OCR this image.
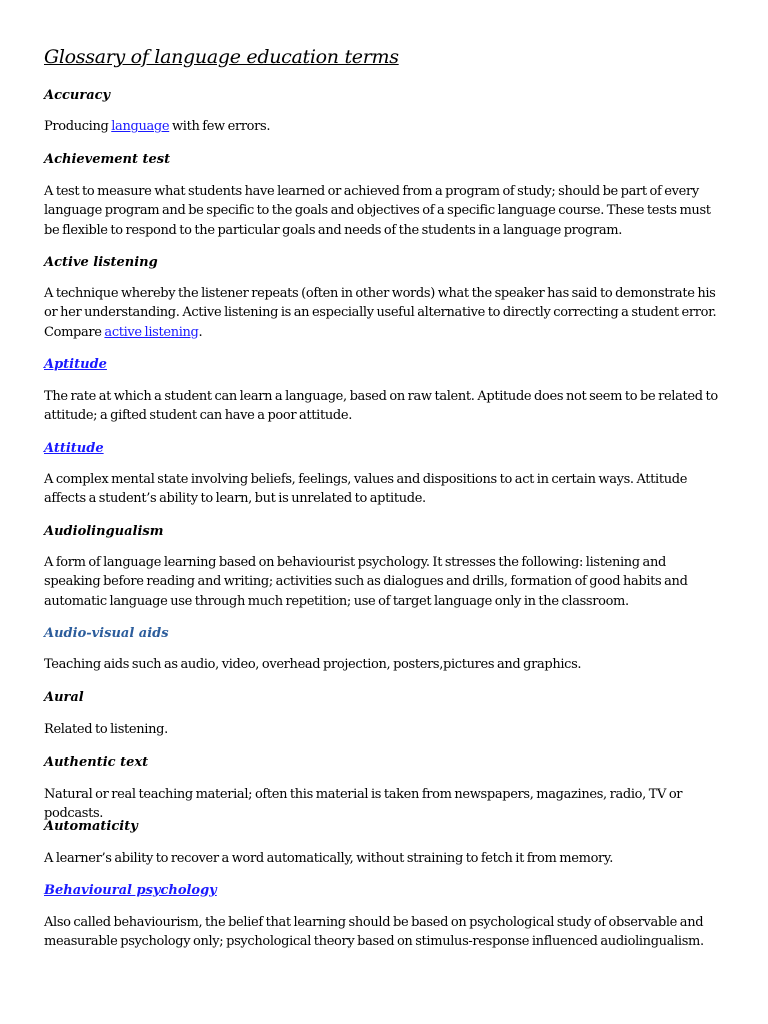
Glossary of language education terms

Accuracy

Producing language with few errors.

Achievement test

A test to measure what students have learned or achieved from a program of study; should be part of every language program and be specific to the goals and objectives of a specific language course. These tests must be flexible to respond to the particular goals and needs of the students in a language program.

Active listening

A technique whereby the listener repeats (often in other words) what the speaker has said to demonstrate his or her understanding. Active listening is an especially useful alternative to directly correcting a student error. Compare active listening.

Aptitude

The rate at which a student can learn a language, based on raw talent. Aptitude does not seem to be related to attitude; a gifted student can have a poor attitude.

Attitude

A complex mental state involving beliefs, feelings, values and dispositions to act in certain ways. Attitude affects a student’s ability to learn, but is unrelated to aptitude.

Audiolingualism

A form of language learning based on behaviourist psychology. It stresses the following: listening and speaking before reading and writing; activities such as dialogues and drills, formation of good habits and automatic language use through much repetition; use of target language only in the classroom.

Audio-visual aids

Teaching aids such as audio, video, overhead projection, posters,pictures and graphics.

Aural

Related to listening.

Authentic text

Natural or real teaching material; often this material is taken from newspapers, magazines, radio, TV or podcasts.

Automaticity

A learner’s ability to recover a word automatically, without straining to fetch it from memory.

Behavioural psychology

Also called behaviourism, the belief that learning should be based on psychological study of observable and measurable psychology only; psychological theory based on stimulus-response influenced audiolingualism.
